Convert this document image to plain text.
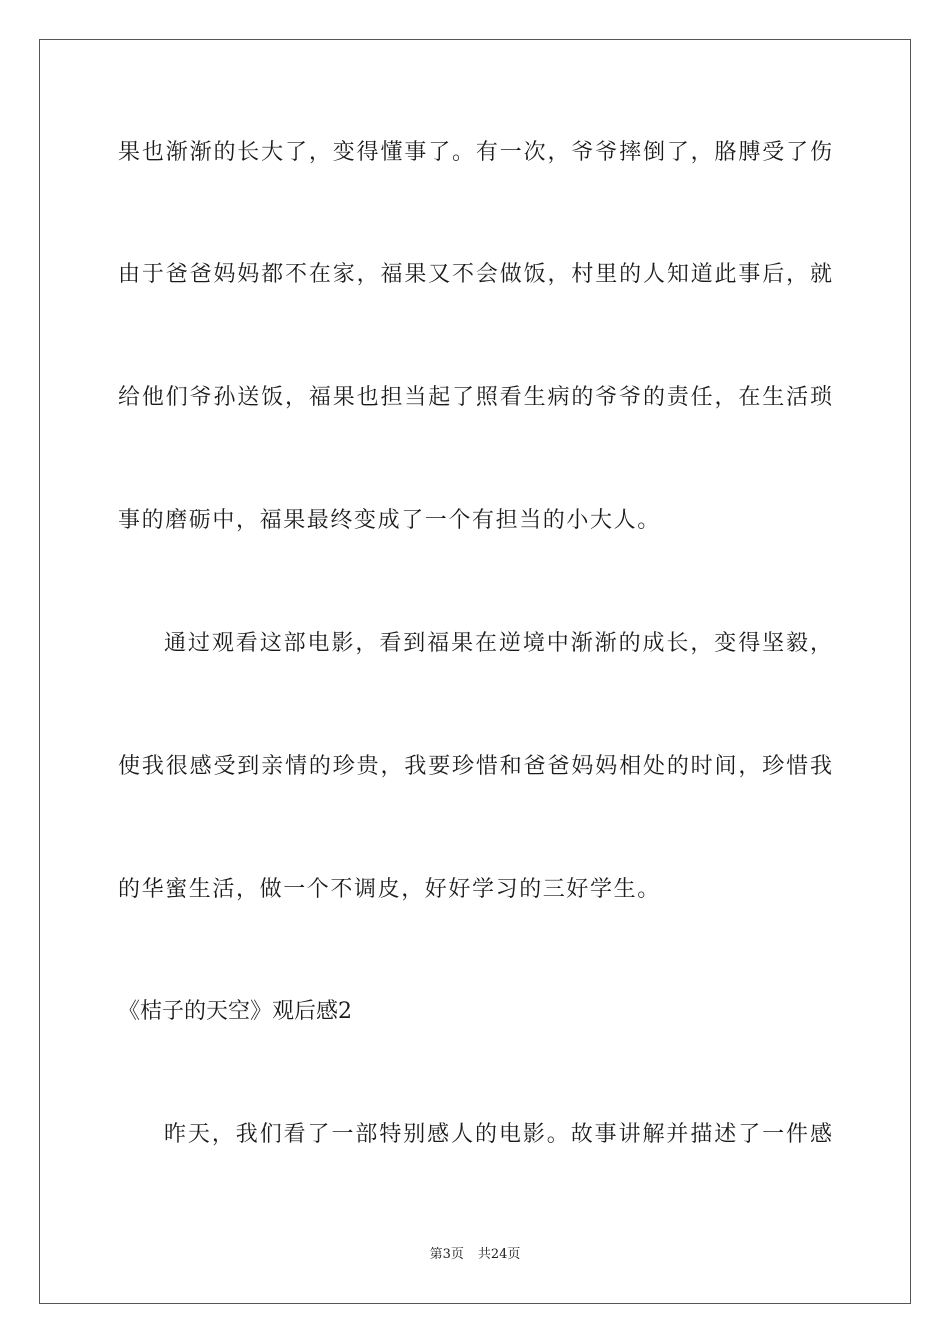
果也渐渐的长大了，变得懂事了。有一次，爷爷摔倒了，胳膊受了伤
由于爸爸妈妈都不在家，福果又不会做饭，村里的人知道此事后，就
给他们爷孙送饭，福果也担当起了照看生病的爷爷的责任，在生活琐
事的磨砺中，福果最终变成了一个有担当的小大人。
通过观看这部电影，看到福果在逆境中渐渐的成长，变得坚毅，
使我很感受到亲情的珍贵，我要珍惜和爸爸妈妈相处的时间，珍惜我
的华蜜生活，做一个不调皮，好好学习的三好学生。
《桔子的天空》观后感2
昨天，我们看了一部特别感人的电影。故事讲解并描述了一件感
第3页 共24页
